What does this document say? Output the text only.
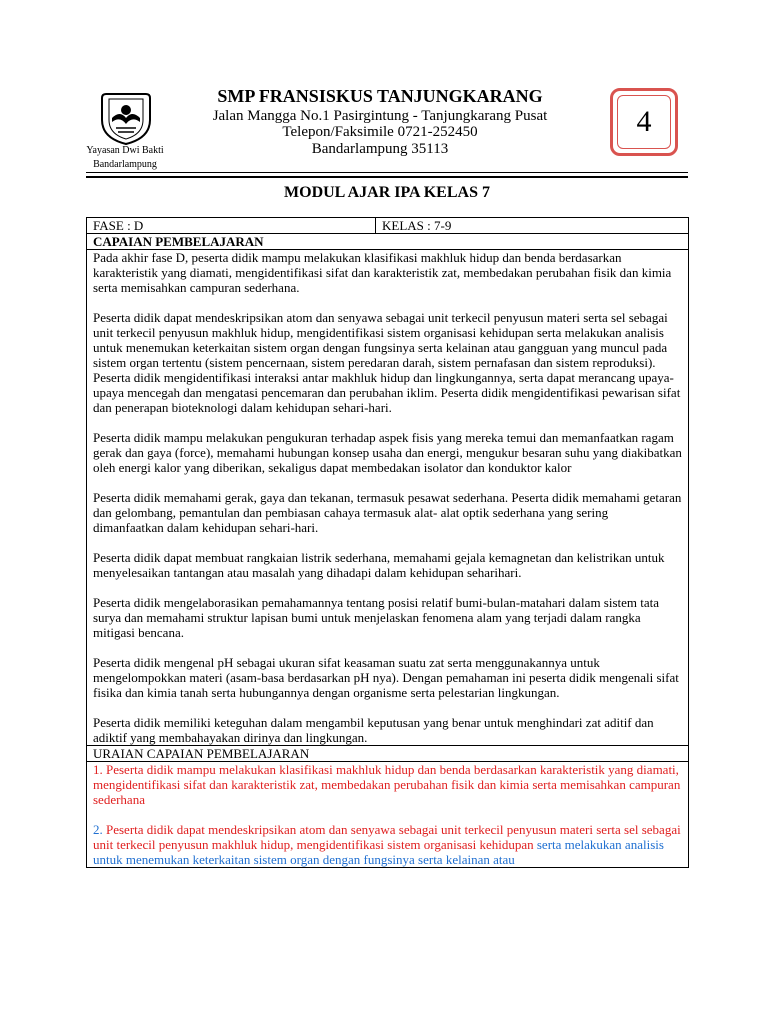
Yayasan Dwi Bakti
Bandarlampung
SMP FRANSISKUS TANJUNGKARANG
Jalan Mangga No.1 Pasirgintung - Tanjungkarang Pusat
Telepon/Faksimile 0721-252450
Bandarlampung 35113
4
MODUL AJAR IPA KELAS 7
FASE : D	KELAS : 7-9
CAPAIAN PEMBELAJARAN

Pada akhir fase D, peserta didik mampu melakukan klasifikasi makhluk hidup dan benda berdasarkan karakteristik yang diamati, mengidentifikasi sifat dan karakteristik zat, membedakan perubahan fisik dan kimia serta memisahkan campuran sederhana.

Peserta didik dapat mendeskripsikan atom dan senyawa sebagai unit terkecil penyusun materi serta sel sebagai unit terkecil penyusun makhluk hidup, mengidentifikasi sistem organisasi kehidupan serta melakukan analisis untuk menemukan keterkaitan sistem organ dengan fungsinya serta kelainan atau gangguan yang muncul pada sistem organ tertentu (sistem pencernaan, sistem peredaran darah, sistem pernafasan dan sistem reproduksi). Peserta didik mengidentifikasi interaksi antar makhluk hidup dan lingkungannya, serta dapat merancang upaya-upaya mencegah dan mengatasi pencemaran dan perubahan iklim. Peserta didik mengidentifikasi pewarisan sifat dan penerapan bioteknologi dalam kehidupan sehari-hari.

Peserta didik mampu melakukan pengukuran terhadap aspek fisis yang mereka temui dan memanfaatkan ragam gerak dan gaya (force), memahami hubungan konsep usaha dan energi, mengukur besaran suhu yang diakibatkan oleh energi kalor yang diberikan, sekaligus dapat membedakan isolator dan konduktor kalor

Peserta didik memahami gerak, gaya dan tekanan, termasuk pesawat sederhana. Peserta didik memahami getaran dan gelombang, pemantulan dan pembiasan cahaya termasuk alat- alat optik sederhana yang sering dimanfaatkan dalam kehidupan sehari-hari.

Peserta didik dapat membuat rangkaian listrik sederhana, memahami gejala kemagnetan dan kelistrikan untuk menyelesaikan tantangan atau masalah yang dihadapi dalam kehidupan seharihari.

Peserta didik mengelaborasikan pemahamannya tentang posisi relatif bumi-bulan-matahari dalam sistem tata surya dan memahami struktur lapisan bumi untuk menjelaskan fenomena alam yang terjadi dalam rangka mitigasi bencana.

Peserta didik mengenal pH sebagai ukuran sifat keasaman suatu zat serta menggunakannya untuk mengelompokkan materi (asam-basa berdasarkan pH nya). Dengan pemahaman ini peserta didik mengenali sifat fisika dan kimia tanah serta hubungannya dengan organisme serta pelestarian lingkungan.

Peserta didik memiliki keteguhan dalam mengambil keputusan yang benar untuk menghindari zat aditif dan adiktif yang membahayakan dirinya dan lingkungan.

URAIAN CAPAIAN PEMBELAJARAN

1. Peserta didik mampu melakukan klasifikasi makhluk hidup dan benda berdasarkan karakteristik yang diamati, mengidentifikasi sifat dan karakteristik zat, membedakan perubahan fisik dan kimia serta memisahkan campuran sederhana

2. Peserta didik dapat mendeskripsikan atom dan senyawa sebagai unit terkecil penyusun materi serta sel sebagai unit terkecil penyusun makhluk hidup, mengidentifikasi sistem organisasi kehidupan serta melakukan analisis untuk menemukan keterkaitan sistem organ dengan fungsinya serta kelainan atau
